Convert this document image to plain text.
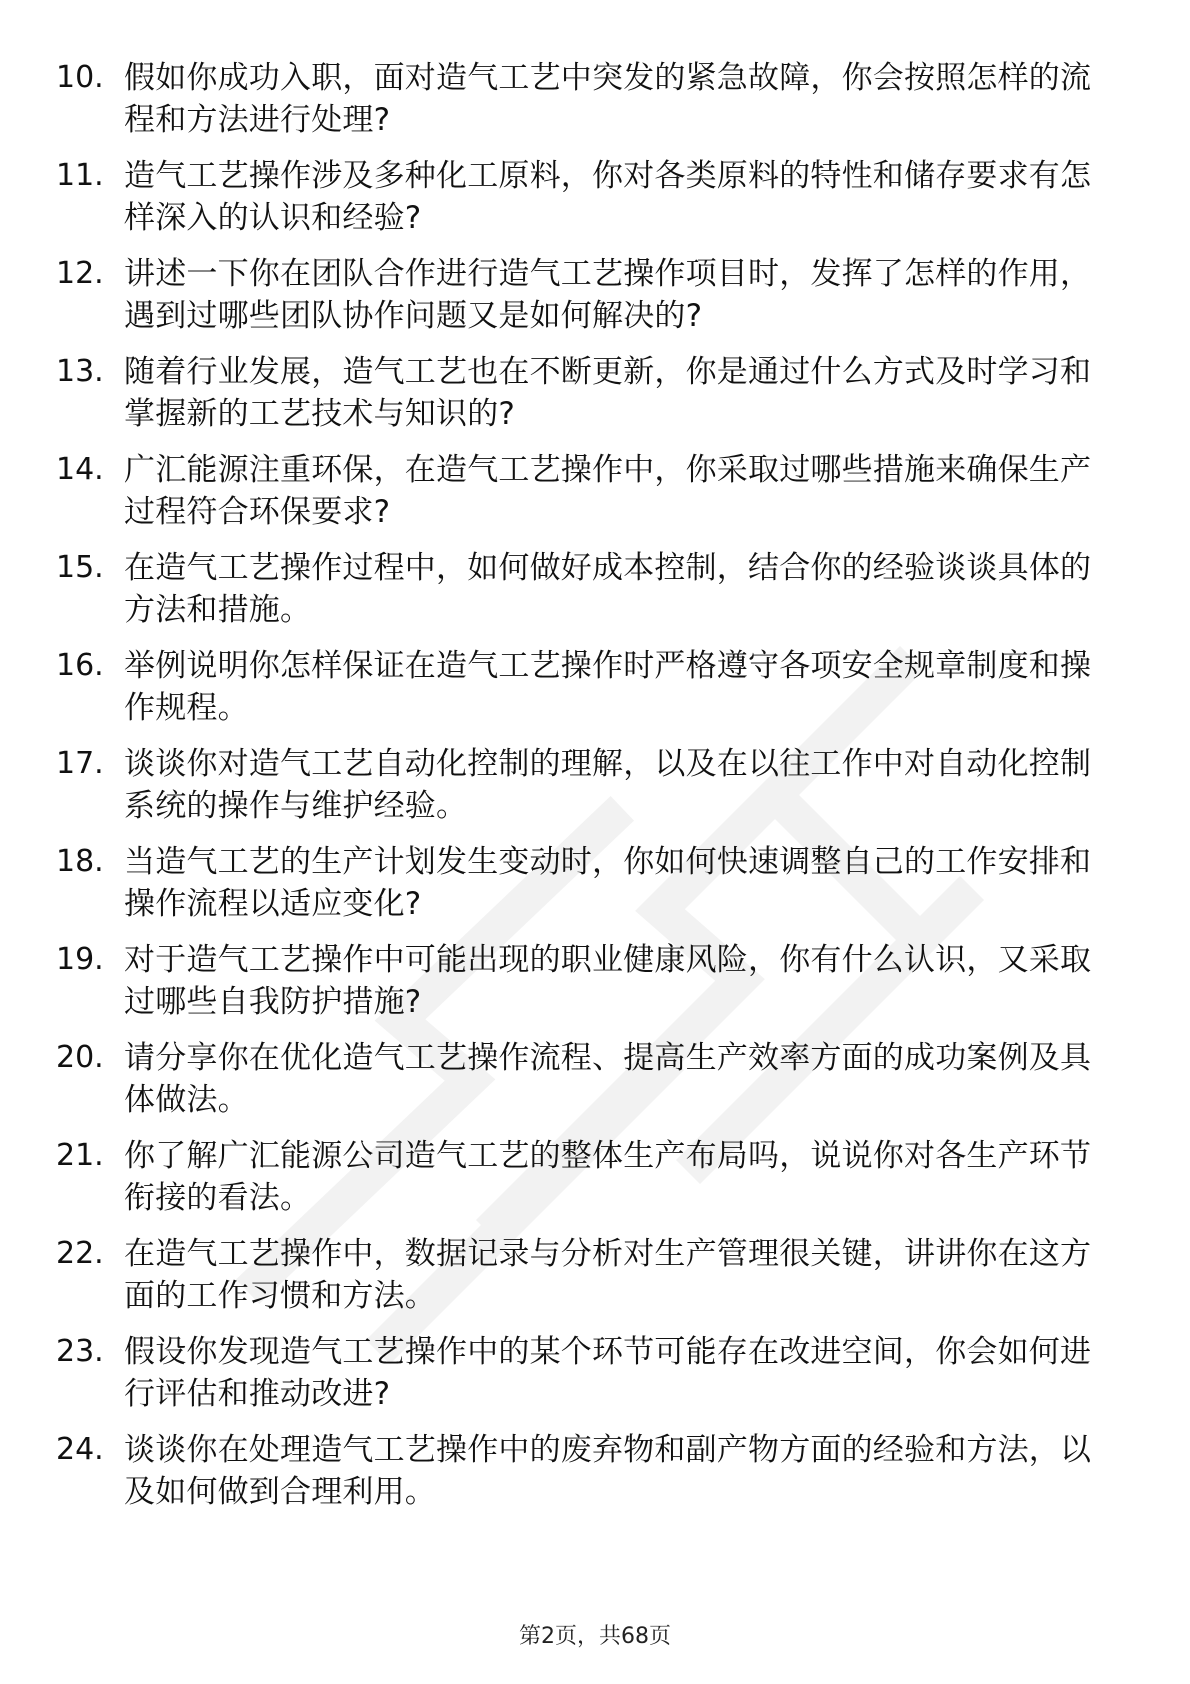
10. 假如你成功入职，面对造气工艺中突发的紧急故障，你会按照怎样的流程和方法进行处理?
11. 造气工艺操作涉及多种化工原料，你对各类原料的特性和储存要求有怎样深入的认识和经验?
12. 讲述一下你在团队合作进行造气工艺操作项目时，发挥了怎样的作用，遇到过哪些团队协作问题又是如何解决的?
13. 随着行业发展，造气工艺也在不断更新，你是通过什么方式及时学习和掌握新的工艺技术与知识的?
14. 广汇能源注重环保，在造气工艺操作中，你采取过哪些措施来确保生产过程符合环保要求?
15. 在造气工艺操作过程中，如何做好成本控制，结合你的经验谈谈具体的方法和措施。
16. 举例说明你怎样保证在造气工艺操作时严格遵守各项安全规章制度和操作规程。
17. 谈谈你对造气工艺自动化控制的理解，以及在以往工作中对自动化控制系统的操作与维护经验。
18. 当造气工艺的生产计划发生变动时，你如何快速调整自己的工作安排和操作流程以适应变化?
19. 对于造气工艺操作中可能出现的职业健康风险，你有什么认识，又采取过哪些自我防护措施?
20. 请分享你在优化造气工艺操作流程、提高生产效率方面的成功案例及具体做法。
21. 你了解广汇能源公司造气工艺的整体生产布局吗，说说你对各生产环节衔接的看法。
22. 在造气工艺操作中，数据记录与分析对生产管理很关键，讲讲你在这方面的工作习惯和方法。
23. 假设你发现造气工艺操作中的某个环节可能存在改进空间，你会如何进行评估和推动改进?
24. 谈谈你在处理造气工艺操作中的废弃物和副产物方面的经验和方法，以及如何做到合理利用。
第2页，共68页
